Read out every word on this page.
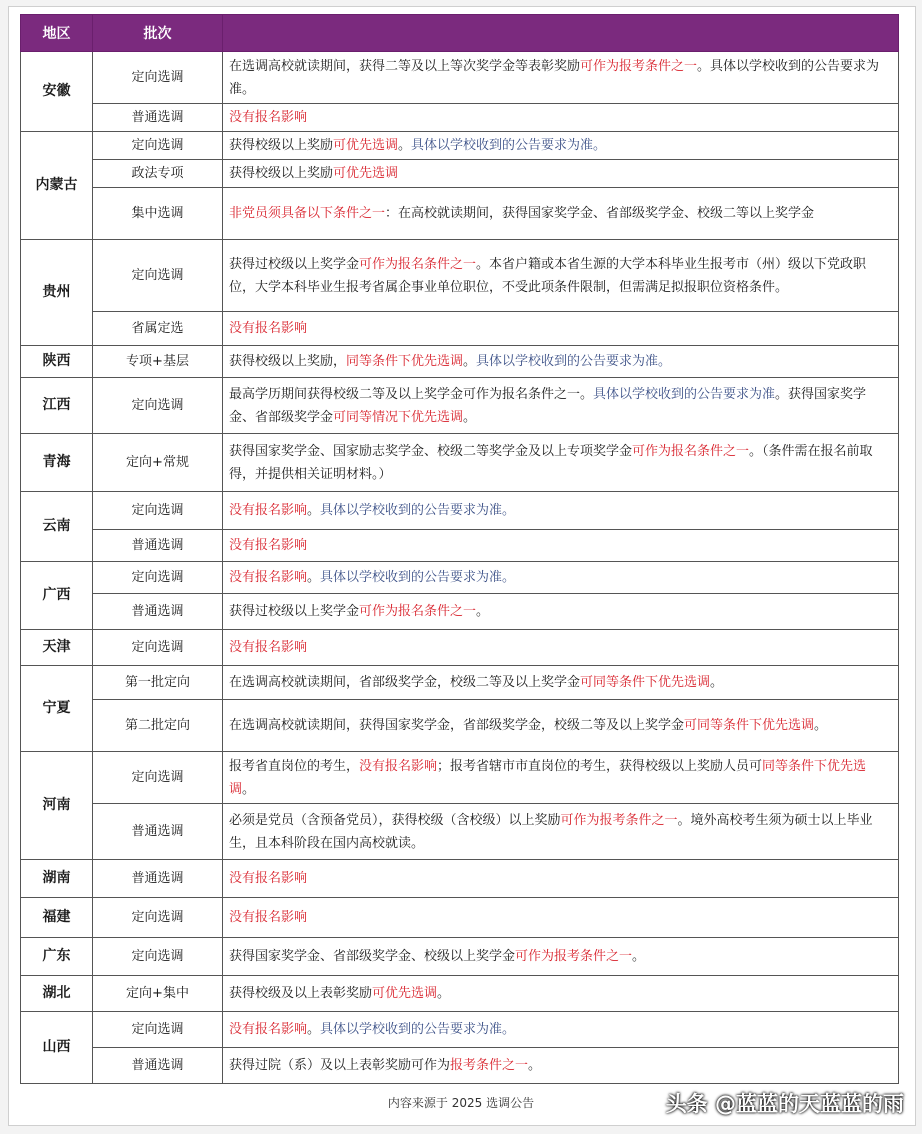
地区	批次	
安徽	定向选调	在选调高校就读期间，获得二等及以上等次奖学金等表彰奖励可作为报考条件之一。具体以学校收到的公告要求为准。
	普通选调	没有报名影响
内蒙古	定向选调	获得校级以上奖励可优先选调。具体以学校收到的公告要求为准。
	政法专项	获得校级以上奖励可优先选调
	集中选调	非党员须具备以下条件之一：在高校就读期间，获得国家奖学金、省部级奖学金、校级二等以上奖学金
贵州	定向选调	获得过校级以上奖学金可作为报名条件之一。本省户籍或本省生源的大学本科毕业生报考市（州）级以下党政职位，大学本科毕业生报考省属企事业单位职位，不受此项条件限制，但需满足拟报职位资格条件。
	省属定选	没有报名影响
陕西	专项+基层	获得校级以上奖励，同等条件下优先选调。具体以学校收到的公告要求为准。
江西	定向选调	最高学历期间获得校级二等及以上奖学金可作为报名条件之一。具体以学校收到的公告要求为准。获得国家奖学金、省部级奖学金可同等情况下优先选调。
青海	定向+常规	获得国家奖学金、国家励志奖学金、校级二等奖学金及以上专项奖学金可作为报名条件之一。（条件需在报名前取得，并提供相关证明材料。）
云南	定向选调	没有报名影响。具体以学校收到的公告要求为准。
	普通选调	没有报名影响
广西	定向选调	没有报名影响。具体以学校收到的公告要求为准。
	普通选调	获得过校级以上奖学金可作为报名条件之一。
天津	定向选调	没有报名影响
宁夏	第一批定向	在选调高校就读期间，省部级奖学金，校级二等及以上奖学金可同等条件下优先选调。
	第二批定向	在选调高校就读期间，获得国家奖学金，省部级奖学金，校级二等及以上奖学金可同等条件下优先选调。
河南	定向选调	报考省直岗位的考生，没有报名影响；报考省辖市市直岗位的考生，获得校级以上奖励人员可同等条件下优先选调。
	普通选调	必须是党员（含预备党员），获得校级（含校级）以上奖励可作为报考条件之一。境外高校考生须为硕士以上毕业生，且本科阶段在国内高校就读。
湖南	普通选调	没有报名影响
福建	定向选调	没有报名影响
广东	定向选调	获得国家奖学金、省部级奖学金、校级以上奖学金可作为报考条件之一。
湖北	定向+集中	获得校级及以上表彰奖励可优先选调。
山西	定向选调	没有报名影响。具体以学校收到的公告要求为准。
	普通选调	获得过院（系）及以上表彰奖励可作为报考条件之一。
内容来源于 2025 选调公告	头条 @蓝蓝的天蓝蓝的雨
